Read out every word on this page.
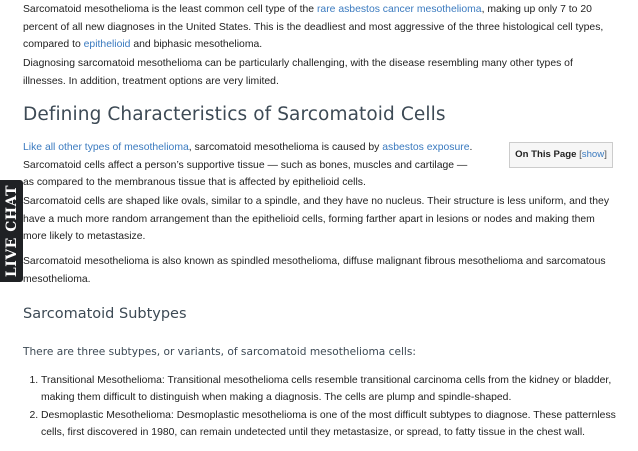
Sarcomatoid mesothelioma is the least common cell type of the rare asbestos cancer mesothelioma, making up only 7 to 20 percent of all new diagnoses in the United States. This is the deadliest and most aggressive of the three histological cell types, compared to epithelioid and biphasic mesothelioma.

Diagnosing sarcomatoid mesothelioma can be particularly challenging, with the disease resembling many other types of illnesses. In addition, treatment options are very limited.

Defining Characteristics of Sarcomatoid Cells

Like all other types of mesothelioma, sarcomatoid mesothelioma is caused by asbestos exposure. Sarcomatoid cells affect a person’s supportive tissue — such as bones, muscles and cartilage — as compared to the membranous tissue that is affected by epithelioid cells.

Sarcomatoid cells are shaped like ovals, similar to a spindle, and they have no nucleus. Their structure is less uniform, and they have a much more random arrangement than the epithelioid cells, forming farther apart in lesions or nodes and making them more likely to metastasize.

Sarcomatoid mesothelioma is also known as spindled mesothelioma, diffuse malignant fibrous mesothelioma and sarcomatous mesothelioma.

Sarcomatoid Subtypes

There are three subtypes, or variants, of sarcomatoid mesothelioma cells:

1. Transitional Mesothelioma: Transitional mesothelioma cells resemble transitional carcinoma cells from the kidney or bladder, making them difficult to distinguish when making a diagnosis. The cells are plump and spindle-shaped.
2. Desmoplastic Mesothelioma: Desmoplastic mesothelioma is one of the most difficult subtypes to diagnose. These patternless cells, first discovered in 1980, can remain undetected until they metastasize, or spread, to fatty tissue in the chest wall.
On This Page [show]
LIVE CHAT
